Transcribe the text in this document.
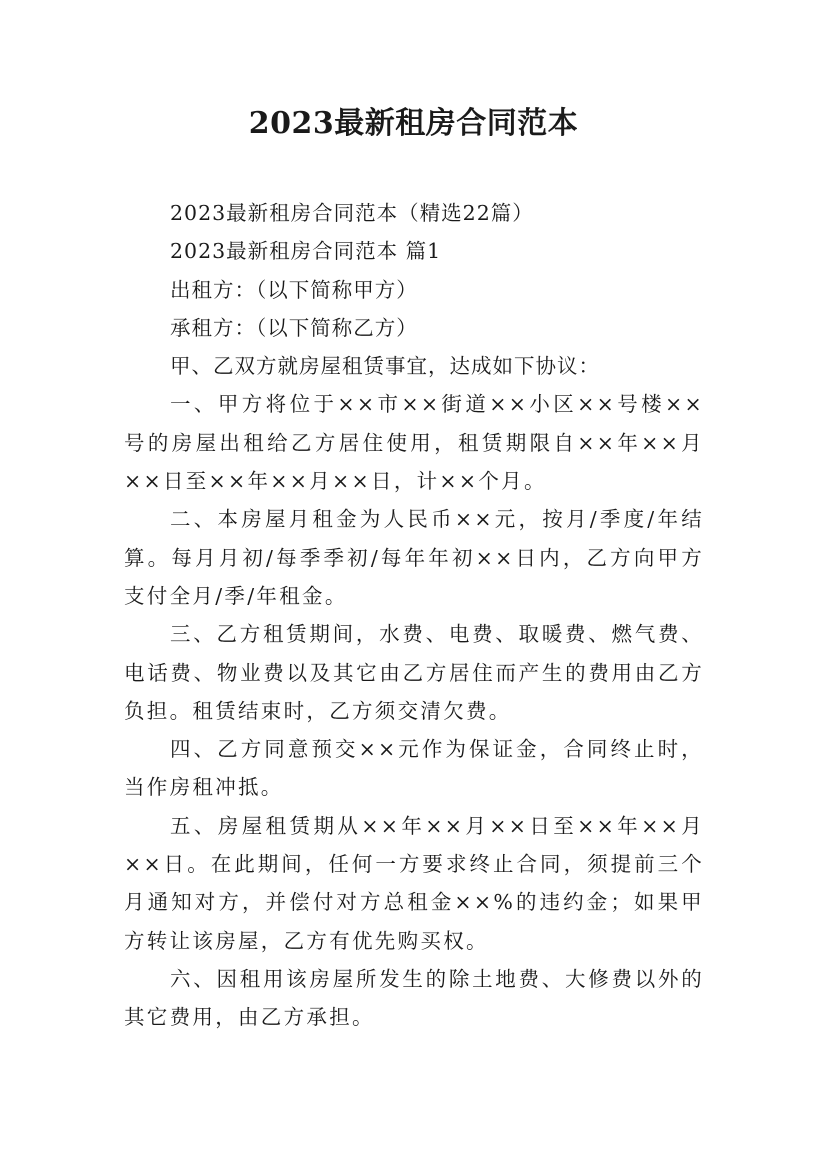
2023最新租房合同范本

2023最新租房合同范本（精选22篇）

2023最新租房合同范本 篇1

出租方：（以下简称甲方）

承租方：（以下简称乙方）

甲、乙双方就房屋租赁事宜，达成如下协议：

一、甲方将位于××市××街道××小区××号楼××号的房屋出租给乙方居住使用，租赁期限自××年××月××日至××年××月××日，计××个月。

二、本房屋月租金为人民币××元，按月/季度/年结算。每月月初/每季季初/每年年初××日内，乙方向甲方支付全月/季/年租金。

三、乙方租赁期间，水费、电费、取暖费、燃气费、电话费、物业费以及其它由乙方居住而产生的费用由乙方负担。租赁结束时，乙方须交清欠费。

四、乙方同意预交××元作为保证金，合同终止时，当作房租冲抵。

五、房屋租赁期从××年××月××日至××年××月××日。在此期间，任何一方要求终止合同，须提前三个月通知对方，并偿付对方总租金××%的违约金；如果甲方转让该房屋，乙方有优先购买权。

六、因租用该房屋所发生的除土地费、大修费以外的其它费用，由乙方承担。
